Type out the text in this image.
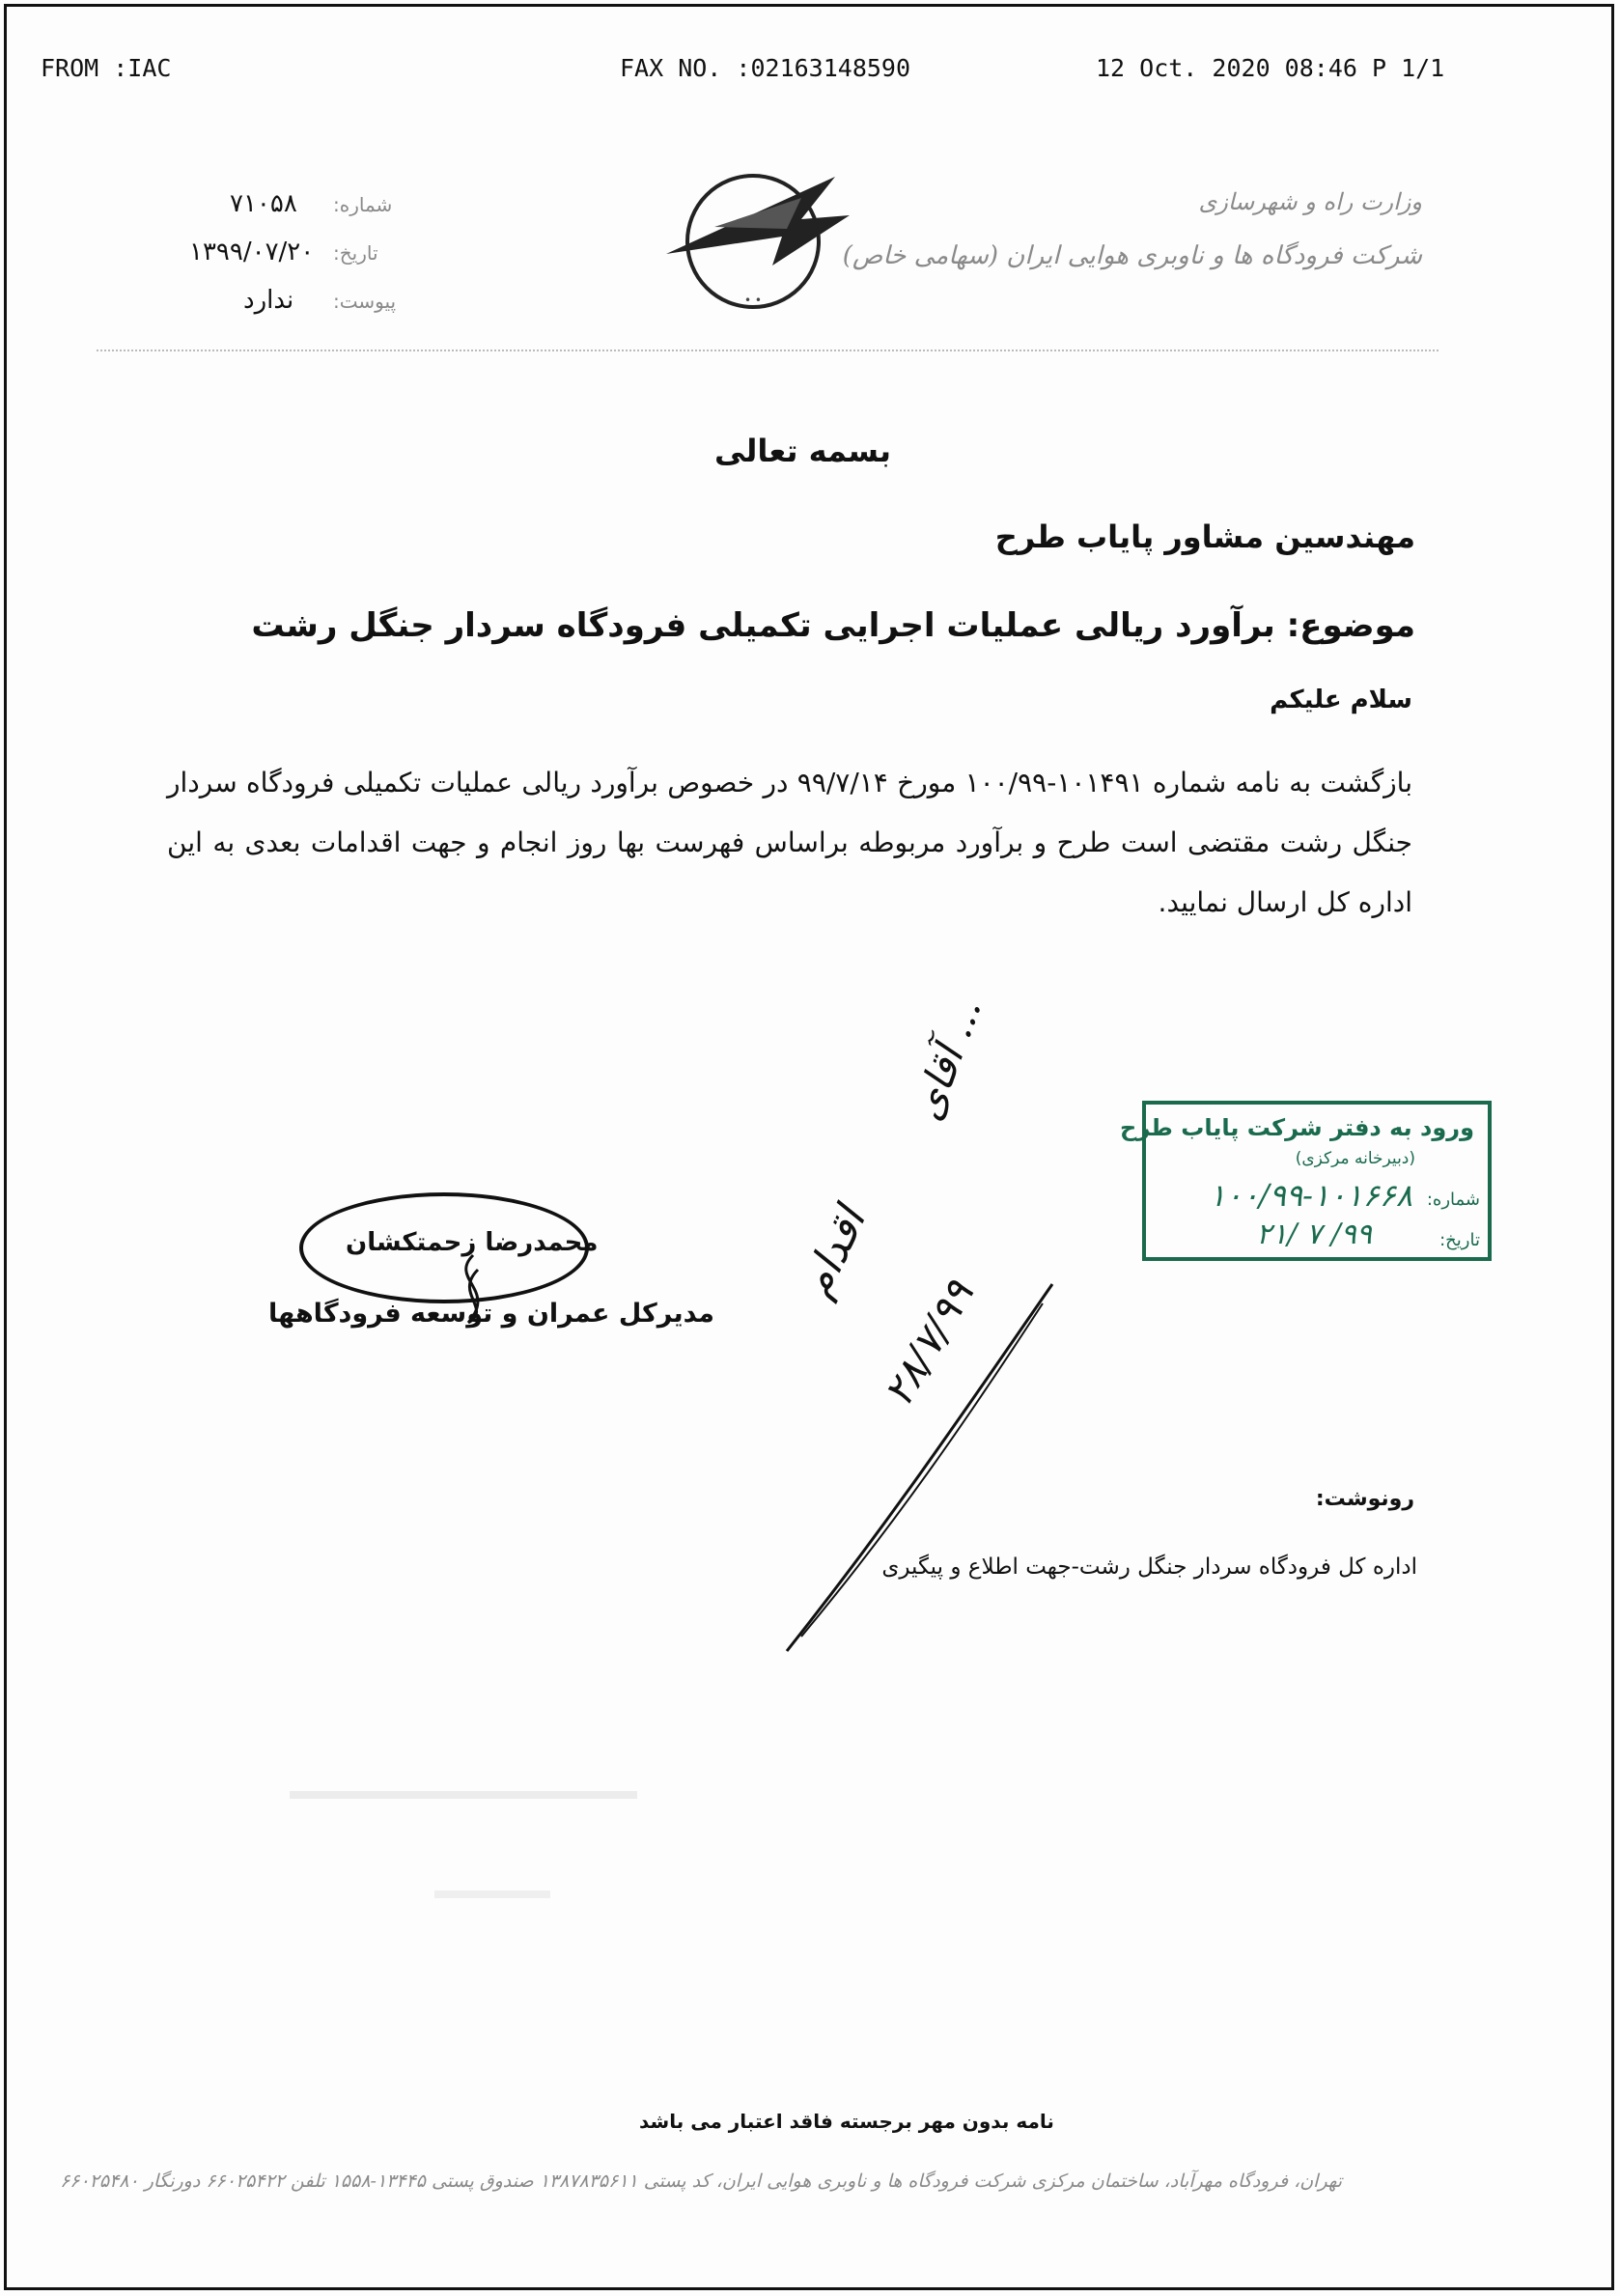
FROM :IAC	FAX NO. :02163148590	12 Oct. 2020 08:46 P 1/1
• •
وزارت راه و شهرسازی
شرکت فرودگاه ها و ناوبری هوایی ایران (سهامی خاص)
شماره:
۷۱۰۵۸
تاریخ:
۱۳۹۹/۰۷/۲۰
پیوست:
ندارد
بسمه تعالی
مهندسین مشاور پایاب طرح
موضوع: برآورد ریالی عملیات اجرایی تکمیلی فرودگاه سردار جنگل رشت
سلام علیکم
بازگشت به نامه شماره ۱۰۱۴۹۱-۱۰۰/۹۹ مورخ ۹۹/۷/۱۴ در خصوص برآورد ریالی عملیات تکمیلی فرودگاه سردار جنگل رشت مقتضی است طرح و برآورد مربوطه براساس فهرست بها روز انجام و جهت اقدامات بعدی به این اداره کل ارسال نمایید.
محمدرضا زحمتکشان
مدیرکل عمران و توسعه فرودگاهها
آقای ...
اقدام
۲۸/۷/۹۹
ورود به دفتر شرکت پایاب طرح
(دبیرخانه مرکزی)
شماره:
۱۰۰/۹۹-۱۰۱۶۶۸
تاریخ:
۹۹/ ۷ /۲۱
رونوشت:
اداره کل فرودگاه سردار جنگل رشت-جهت اطلاع و پیگیری
نامه بدون مهر برجسته فاقد اعتبار می باشد
تهران، فرودگاه مهرآباد، ساختمان مرکزی شرکت فرودگاه ها و ناوبری هوایی ایران، کد پستی ۱۳۸۷۸۳۵۶۱۱ صندوق پستی ۱۳۴۴۵-۱۵۵۸ تلفن ۶۶۰۲۵۴۲۲ دورنگار ۶۶۰۲۵۴۸۰
